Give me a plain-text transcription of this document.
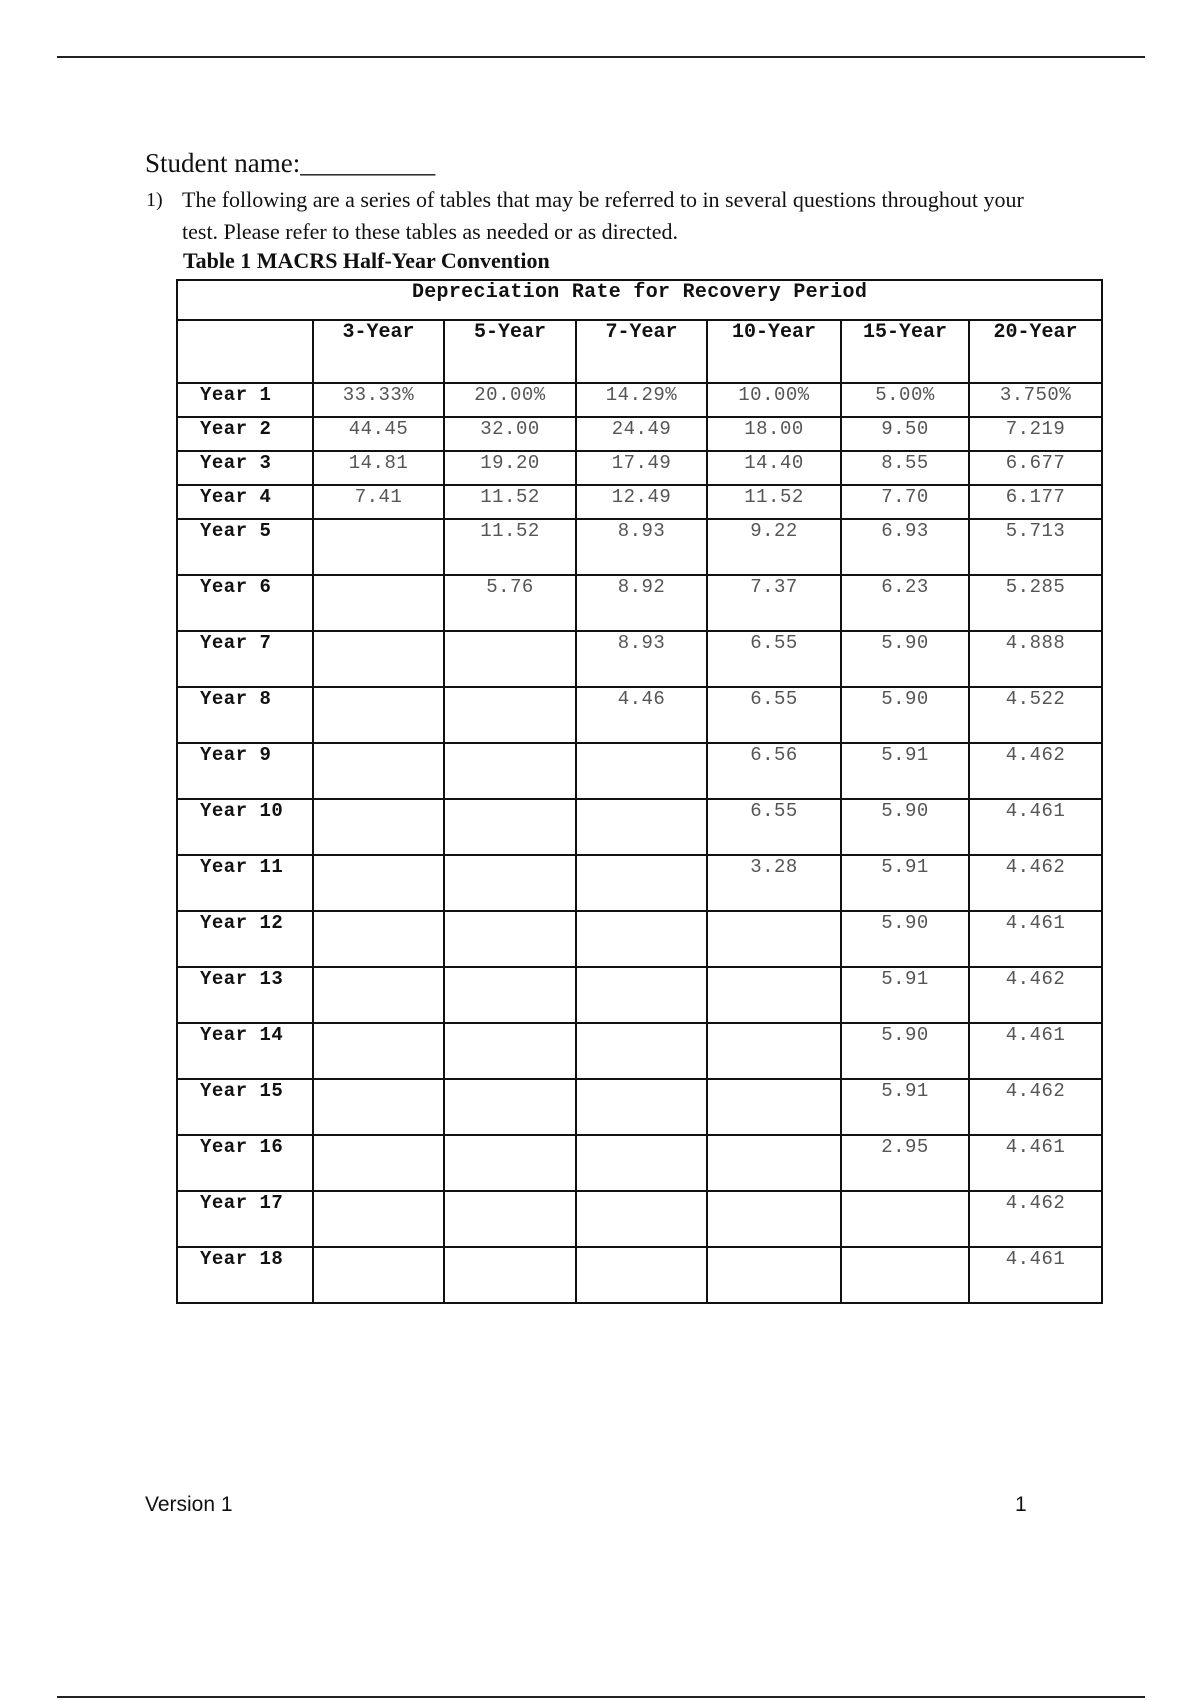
Student name:__________
1) The following are a series of tables that may be referred to in several questions throughout your test. Please refer to these tables as needed or as directed.
Table 1 MACRS Half-Year Convention
Depreciation Rate for Recovery Period						
	3-Year	5-Year	7-Year	10-Year	15-Year	20-Year
Year 1	33.33%	20.00%	14.29%	10.00%	5.00%	3.750%
Year 2	44.45	32.00	24.49	18.00	9.50	7.219
Year 3	14.81	19.20	17.49	14.40	8.55	6.677
Year 4	7.41	11.52	12.49	11.52	7.70	6.177
Year 5		11.52	8.93	9.22	6.93	5.713
Year 6		5.76	8.92	7.37	6.23	5.285
Year 7			8.93	6.55	5.90	4.888
Year 8			4.46	6.55	5.90	4.522
Year 9				6.56	5.91	4.462
Year 10				6.55	5.90	4.461
Year 11				3.28	5.91	4.462
Year 12					5.90	4.461
Year 13					5.91	4.462
Year 14					5.90	4.461
Year 15					5.91	4.462
Year 16					2.95	4.461
Year 17						4.462
Year 18						4.461
Version 1	1
